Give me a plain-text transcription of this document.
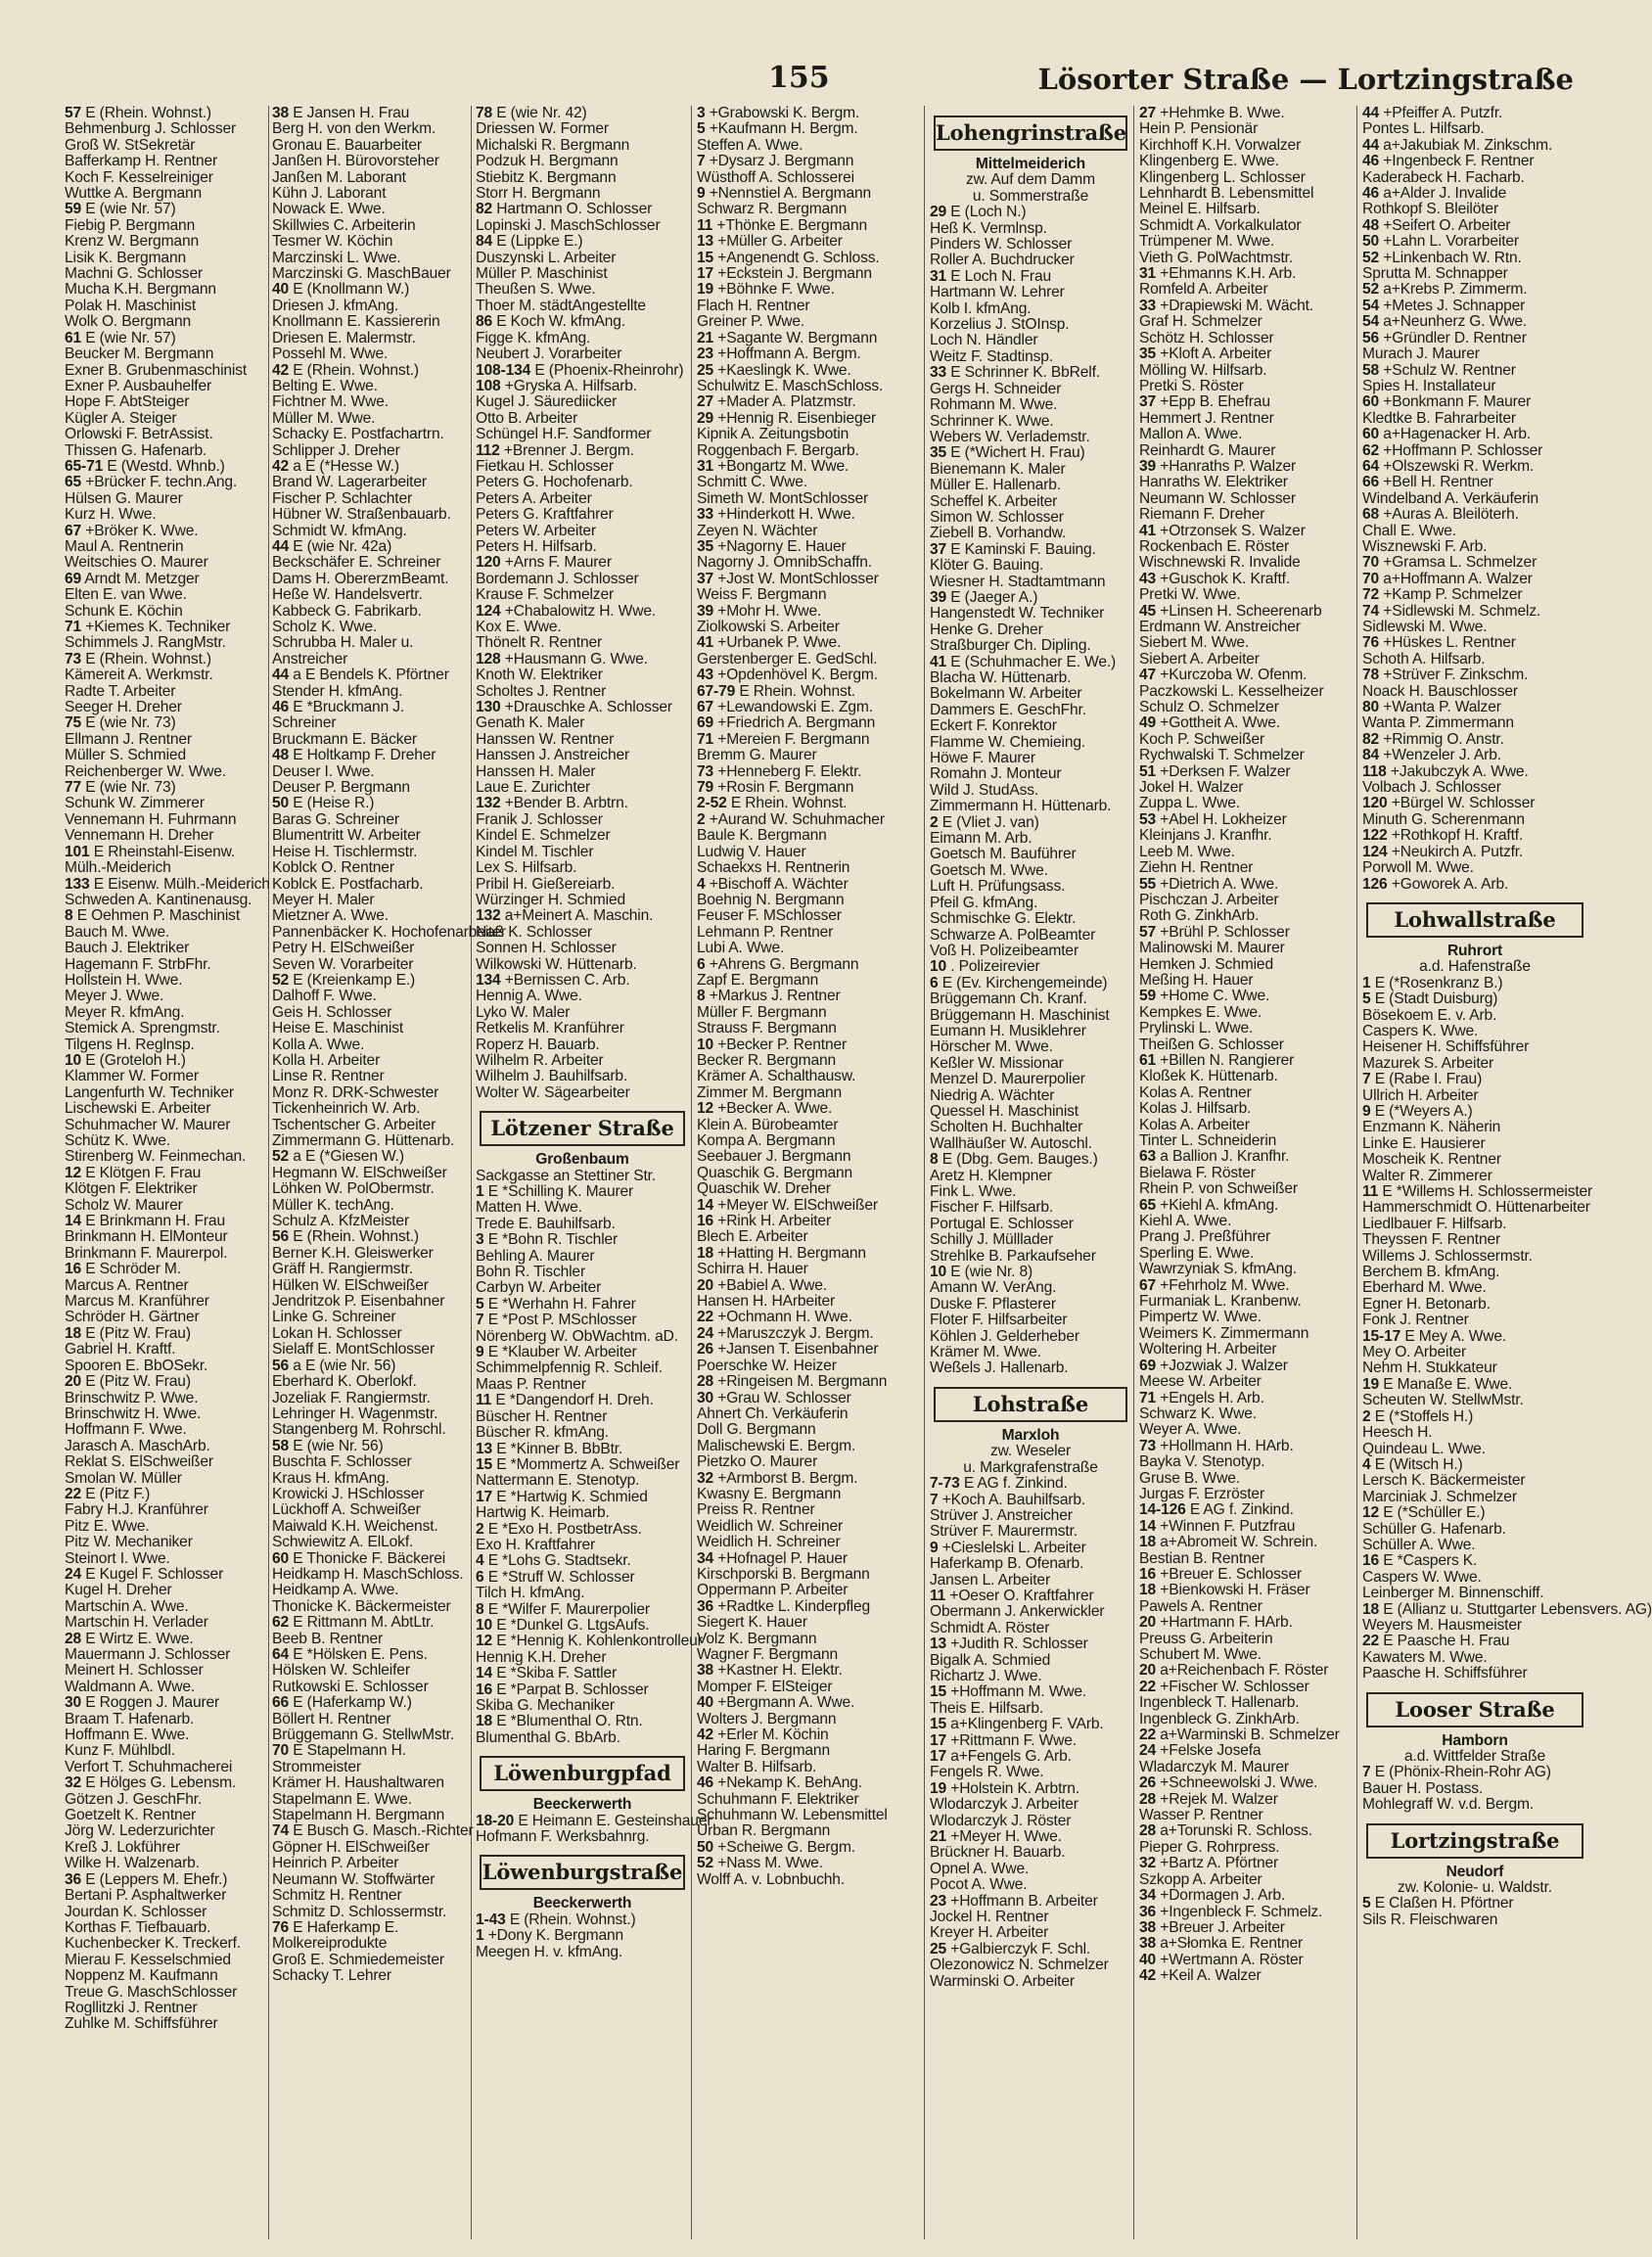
155	Lösorter Straße — Lortzingstraße
57 E (Rhein. Wohnst.)
Behmenburg J. Schlosser
Groß W. StSekretär
Bafferkamp H. Rentner
Koch F. Kesselreiniger
Wuttke A. Bergmann
59 E (wie Nr. 57)
Fiebig P. Bergmann
Krenz W. Bergmann
Lisik K. Bergmann
Machni G. Schlosser
Mucha K.H. Bergmann
Polak H. Maschinist
Wolk O. Bergmann
61 E (wie Nr. 57)
Beucker M. Bergmann
Exner B. Grubenmaschinist
Exner P. Ausbauhelfer
Hope F. AbtSteiger
Kügler A. Steiger
Orlowski F. BetrAssist.
Thissen G. Hafenarb.
65-71 E (Westd. Whnb.)
65 +Brücker F. techn.Ang.
Hülsen G. Maurer
Kurz H. Wwe.
67 +Bröker K. Wwe.
Maul A. Rentnerin
Weitschies O. Maurer
69 Arndt M. Metzger
Elten E. van Wwe.
Schunk E. Köchin
71 +Kiemes K. Techniker
Schimmels J. RangMstr.
73 E (Rhein. Wohnst.)
Kämereit A. Werkmstr.
Radte T. Arbeiter
Seeger H. Dreher
75 E (wie Nr. 73)
Ellmann J. Rentner
Müller S. Schmied
Reichenberger W. Wwe.
77 E (wie Nr. 73)
Schunk W. Zimmerer
Vennemann H. Fuhrmann
Vennemann H. Dreher
101 E Rheinstahl-Eisenw.
Mülh.-Meiderich
133 E Eisenw. Mülh.-Meiderich
Schweden A. Kantinenausg.
8 E Oehmen P. Maschinist
Bauch M. Wwe.
Bauch J. Elektriker
Hagemann F. StrbFhr.
Hollstein H. Wwe.
Meyer J. Wwe.
Meyer R. kfmAng.
Stemick A. Sprengmstr.
Tilgens H. Reglnsp.
10 E (Groteloh H.)
Klammer W. Former
Langenfurth W. Techniker
Lischewski E. Arbeiter
Schuhmacher W. Maurer
Schütz K. Wwe.
Stirenberg W. Feinmechan.
12 E Klötgen F. Frau
Klötgen F. Elektriker
Scholz W. Maurer
14 E Brinkmann H. Frau
Brinkmann H. ElMonteur
Brinkmann F. Maurerpol.
16 E Schröder M.
Marcus A. Rentner
Marcus M. Kranführer
Schröder H. Gärtner
18 E (Pitz W. Frau)
Gabriel H. Kraftf.
Spooren E. BbOSekr.
20 E (Pitz W. Frau)
Brinschwitz P. Wwe.
Brinschwitz H. Wwe.
Hoffmann F. Wwe.
Jarasch A. MaschArb.
Reklat S. ElSchweißer
Smolan W. Müller
22 E (Pitz F.)
Fabry H.J. Kranführer
Pitz E. Wwe.
Pitz W. Mechaniker
Steinort I. Wwe.
24 E Kugel F. Schlosser
Kugel H. Dreher
Martschin A. Wwe.
Martschin H. Verlader
28 E Wirtz E. Wwe.
Mauermann J. Schlosser
Meinert H. Schlosser
Waldmann A. Wwe.
30 E Roggen J. Maurer
Braam T. Hafenarb.
Hoffmann E. Wwe.
Kunz F. Mühlbdl.
Verfort T. Schuhmacherei
32 E Hölges G. Lebensm.
Götzen J. GeschFhr.
Goetzelt K. Rentner
Jörg W. Lederzurichter
Kreß J. Lokführer
Wilke H. Walzenarb.
36 E (Leppers M. Ehefr.)
Bertani P. Asphaltwerker
Jourdan K. Schlosser
Korthas F. Tiefbauarb.
Kuchenbecker K. Treckerf.
Mierau F. Kesselschmied
Noppenz M. Kaufmann
Treue G. MaschSchlosser
Rogllitzki J. Rentner
Zuhlke M. Schiffsführer
38 E Jansen H. Frau
Berg H. von den Werkm.
Gronau E. Bauarbeiter
Janßen H. Bürovorsteher
Janßen M. Laborant
Kühn J. Laborant
Nowack E. Wwe.
Skillwies C. Arbeiterin
Tesmer W. Köchin
Marczinski L. Wwe.
Marczinski G. MaschBauer
40 E (Knollmann W.)
Driesen J. kfmAng.
Knollmann E. Kassiererin
Driesen E. Malermstr.
Possehl M. Wwe.
42 E (Rhein. Wohnst.)
Belting E. Wwe.
Fichtner M. Wwe.
Müller M. Wwe.
Schacky E. Postfachartrn.
Schlipper J. Dreher
42 a E (*Hesse W.)
Brand W. Lagerarbeiter
Fischer P. Schlachter
Hübner W. Straßenbauarb.
Schmidt W. kfmAng.
44 E (wie Nr. 42a)
Beckschäfer E. Schreiner
Dams H. ObererzmBeamt.
Heße W. Handelsvertr.
Kabbeck G. Fabrikarb.
Scholz K. Wwe.
Schrubba H. Maler u.
Anstreicher
44 a E Bendels K. Pförtner
Stender H. kfmAng.
46 E *Bruckmann J.
Schreiner
Bruckmann E. Bäcker
48 E Holtkamp F. Dreher
Deuser I. Wwe.
Deuser P. Bergmann
50 E (Heise R.)
Baras G. Schreiner
Blumentritt W. Arbeiter
Heise H. Tischlermstr.
Koblck O. Rentner
Koblck E. Postfacharb.
Meyer H. Maler
Mietzner A. Wwe.
Pannenbäcker K. Hochofenarbeiter
Petry H. ElSchweißer
Seven W. Vorarbeiter
52 E (Kreienkamp E.)
Dalhoff F. Wwe.
Geis H. Schlosser
Heise E. Maschinist
Kolla A. Wwe.
Kolla H. Arbeiter
Linse R. Rentner
Monz R. DRK-Schwester
Tickenheinrich W. Arb.
Tschentscher G. Arbeiter
Zimmermann G. Hüttenarb.
52 a E (*Giesen W.)
Hegmann W. ElSchweißer
Löhken W. PolObermstr.
Müller K. techAng.
Schulz A. KfzMeister
56 E (Rhein. Wohnst.)
Berner K.H. Gleiswerker
Gräff H. Rangiermstr.
Hülken W. ElSchweißer
Jendritzok P. Eisenbahner
Linke G. Schreiner
Lokan H. Schlosser
Sielaff E. MontSchlosser
56 a E (wie Nr. 56)
Eberhard K. Oberlokf.
Jozeliak F. Rangiermstr.
Lehringer H. Wagenmstr.
Stangenberg M. Rohrschl.
58 E (wie Nr. 56)
Buschta F. Schlosser
Kraus H. kfmAng.
Krowicki J. HSchlosser
Lückhoff A. Schweißer
Maiwald K.H. Weichenst.
Schwiewitz A. ElLokf.
60 E Thonicke F. Bäckerei
Heidkamp H. MaschSchloss.
Heidkamp A. Wwe.
Thonicke K. Bäckermeister
62 E Rittmann M. AbtLtr.
Beeb B. Rentner
64 E *Hölsken E. Pens.
Hölsken W. Schleifer
Rutkowski E. Schlosser
66 E (Haferkamp W.)
Böllert H. Rentner
Brüggemann G. StellwMstr.
70 E Stapelmann H.
Strommeister
Krämer H. Haushaltwaren
Stapelmann E. Wwe.
Stapelmann H. Bergmann
74 E Busch G. Masch.-Richter
Göpner H. ElSchweißer
Heinrich P. Arbeiter
Neumann W. Stoffwärter
Schmitz H. Rentner
Schmitz D. Schlossermstr.
76 E Haferkamp E.
Molkereiprodukte
Groß E. Schmiedemeister
Schacky T. Lehrer
78 E (wie Nr. 42)
Driessen W. Former
Michalski R. Bergmann
Podzuk H. Bergmann
Stiebitz K. Bergmann
Storr H. Bergmann
82 Hartmann O. Schlosser
Lopinski J. MaschSchlosser
84 E (Lippke E.)
Duszynski L. Arbeiter
Müller P. Maschinist
Theußen S. Wwe.
Thoer M. städtAngestellte
86 E Koch W. kfmAng.
Figge K. kfmAng.
Neubert J. Vorarbeiter
108-134 E (Phoenix-Rheinrohr)
108 +Gryska A. Hilfsarb.
Kugel J. Säurediicker
Otto B. Arbeiter
Schüngel H.F. Sandformer
112 +Brenner J. Bergm.
Fietkau H. Schlosser
Peters G. Hochofenarb.
Peters A. Arbeiter
Peters G. Kraftfahrer
Peters W. Arbeiter
Peters H. Hilfsarb.
120 +Arns F. Maurer
Bordemann J. Schlosser
Krause F. Schmelzer
124 +Chabalowitz H. Wwe.
Kox E. Wwe.
Thönelt R. Rentner
128 +Hausmann G. Wwe.
Knoth W. Elektriker
Scholtes J. Rentner
130 +Drauschke A. Schlosser
Genath K. Maler
Hanssen W. Rentner
Hanssen J. Anstreicher
Hanssen H. Maler
Laue E. Zurichter
132 +Bender B. Arbtrn.
Franik J. Schlosser
Kindel E. Schmelzer
Kindel M. Tischler
Lex S. Hilfsarb.
Pribil H. Gießereiarb.
Würzinger H. Schmied
132 a+Meinert A. Maschin.
Naß K. Schlosser
Sonnen H. Schlosser
Wilkowski W. Hüttenarb.
134 +Bernissen C. Arb.
Hennig A. Wwe.
Lyko W. Maler
Retkelis M. Kranführer
Roperz H. Bauarb.
Wilhelm R. Arbeiter
Wilhelm J. Bauhilfsarb.
Wolter W. Sägearbeiter
Lötzener Straße
Großenbaum
Sackgasse an Stettiner Str.
1 E *Schilling K. Maurer
Matten H. Wwe.
Trede E. Bauhilfsarb.
3 E *Bohn R. Tischler
Behling A. Maurer
Bohn R. Tischler
Carbyn W. Arbeiter
5 E *Werhahn H. Fahrer
7 E *Post P. MSchlosser
Nörenberg W. ObWachtm. aD.
9 E *Klauber W. Arbeiter
Schimmelpfennig R. Schleif.
Maas P. Rentner
11 E *Dangendorf H. Dreh.
Büscher H. Rentner
Büscher R. kfmAng.
13 E *Kinner B. BbBtr.
15 E *Mommertz A. Schweißer
Nattermann E. Stenotyp.
17 E *Hartwig K. Schmied
Hartwig K. Heimarb.
2 E *Exo H. PostbetrAss.
Exo H. Kraftfahrer
4 E *Lohs G. Stadtsekr.
6 E *Struff W. Schlosser
Tilch H. kfmAng.
8 E *Wilfer F. Maurerpolier
10 E *Dunkel G. LtgsAufs.
12 E *Hennig K. Kohlenkontrolleur
Hennig K.H. Dreher
14 E *Skiba F. Sattler
16 E *Parpat B. Schlosser
Skiba G. Mechaniker
18 E *Blumenthal O. Rtn.
Blumenthal G. BbArb.
Löwenburgpfad
Beeckerwerth
18-20 E Heimann E. Gesteinshauer
Hofmann F. Werksbahnrg.
Löwenburgstraße
Beeckerwerth
1-43 E (Rhein. Wohnst.)
1 +Dony K. Bergmann
Meegen H. v. kfmAng.
3 +Grabowski K. Bergm.
5 +Kaufmann H. Bergm.
Steffen A. Wwe.
7 +Dysarz J. Bergmann
Wüsthoff A. Schlosserei
9 +Nennstiel A. Bergmann
Schwarz R. Bergmann
11 +Thönke E. Bergmann
13 +Müller G. Arbeiter
15 +Angenendt G. Schloss.
17 +Eckstein J. Bergmann
19 +Böhnke F. Wwe.
Flach H. Rentner
Greiner P. Wwe.
21 +Sagante W. Bergmann
23 +Hoffmann A. Bergm.
25 +Kaeslingk K. Wwe.
Schulwitz E. MaschSchloss.
27 +Mader A. Platzmstr.
29 +Hennig R. Eisenbieger
Kipnik A. Zeitungsbotin
Roggenbach F. Bergarb.
31 +Bongartz M. Wwe.
Schmitt C. Wwe.
Simeth W. MontSchlosser
33 +Hinderkott H. Wwe.
Zeyen N. Wächter
35 +Nagorny E. Hauer
Nagorny J. OmnibSchaffn.
37 +Jost W. MontSchlosser
Weiss F. Bergmann
39 +Mohr H. Wwe.
Ziolkowski S. Arbeiter
41 +Urbanek P. Wwe.
Gerstenberger E. GedSchl.
43 +Opdenhövel K. Bergm.
67-79 E Rhein. Wohnst.
67 +Lewandowski E. Zgm.
69 +Friedrich A. Bergmann
71 +Mereien F. Bergmann
Bremm G. Maurer
73 +Henneberg F. Elektr.
79 +Rosin F. Bergmann
2-52 E Rhein. Wohnst.
2 +Aurand W. Schuhmacher
Baule K. Bergmann
Ludwig V. Hauer
Schaekxs H. Rentnerin
4 +Bischoff A. Wächter
Boehnig N. Bergmann
Feuser F. MSchlosser
Lehmann P. Rentner
Lubi A. Wwe.
6 +Ahrens G. Bergmann
Zapf E. Bergmann
8 +Markus J. Rentner
Müller F. Bergmann
Strauss F. Bergmann
10 +Becker P. Rentner
Becker R. Bergmann
Krämer A. Schalthausw.
Zimmer M. Bergmann
12 +Becker A. Wwe.
Klein A. Bürobeamter
Kompa A. Bergmann
Seebauer J. Bergmann
Quaschik G. Bergmann
Quaschik W. Dreher
14 +Meyer W. ElSchweißer
16 +Rink H. Arbeiter
Blech E. Arbeiter
18 +Hatting H. Bergmann
Schirra H. Hauer
20 +Babiel A. Wwe.
Hansen H. HArbeiter
22 +Ochmann H. Wwe.
24 +Maruszczyk J. Bergm.
26 +Jansen T. Eisenbahner
Poerschke W. Heizer
28 +Ringeisen M. Bergmann
30 +Grau W. Schlosser
Ahnert Ch. Verkäuferin
Doll G. Bergmann
Malischewski E. Bergm.
Pietzko O. Maurer
32 +Armborst B. Bergm.
Kwasny E. Bergmann
Preiss R. Rentner
Weidlich W. Schreiner
Weidlich H. Schreiner
34 +Hofnagel P. Hauer
Kirschporski B. Bergmann
Oppermann P. Arbeiter
36 +Radtke L. Kinderpfleg
Siegert K. Hauer
Volz K. Bergmann
Wagner F. Bergmann
38 +Kastner H. Elektr.
Momper F. ElSteiger
40 +Bergmann A. Wwe.
Wolters J. Bergmann
42 +Erler M. Köchin
Haring F. Bergmann
Walter B. Hilfsarb.
46 +Nekamp K. BehAng.
Schuhmann F. Elektriker
Schuhmann W. Lebensmittel
Urban R. Bergmann
50 +Scheiwe G. Bergm.
52 +Nass M. Wwe.
Wolff A. v. Lobnbuchh.
Lohengrinstraße
Mittelmeiderich
zw. Auf dem Damm
u. Sommerstraße
29 E (Loch N.)
Heß K. Vermlnsp.
Pinders W. Schlosser
Roller A. Buchdrucker
31 E Loch N. Frau
Hartmann W. Lehrer
Kolb I. kfmAng.
Korzelius J. StOInsp.
Loch N. Händler
Weitz F. Stadtinsp.
33 E Schrinner K. BbRelf.
Gergs H. Schneider
Rohmann M. Wwe.
Schrinner K. Wwe.
Webers W. Verlademstr.
35 E (*Wichert H. Frau)
Bienemann K. Maler
Müller E. Hallenarb.
Scheffel K. Arbeiter
Simon W. Schlosser
Ziebell B. Vorhandw.
37 E Kaminski F. Bauing.
Klöter G. Bauing.
Wiesner H. Stadtamtmann
39 E (Jaeger A.)
Hangenstedt W. Techniker
Henke G. Dreher
Straßburger Ch. Dipling.
41 E (Schuhmacher E. We.)
Blacha W. Hüttenarb.
Bokelmann W. Arbeiter
Dammers E. GeschFhr.
Eckert F. Konrektor
Flamme W. Chemieing.
Höwe F. Maurer
Romahn J. Monteur
Wild J. StudAss.
Zimmermann H. Hüttenarb.
2 E (Vliet J. van)
Eimann M. Arb.
Goetsch M. Bauführer
Goetsch M. Wwe.
Luft H. Prüfungsass.
Pfeil G. kfmAng.
Schmischke G. Elektr.
Schwarze A. PolBeamter
Voß H. Polizeibeamter
10 . Polizeirevier
6 E (Ev. Kirchengemeinde)
Brüggemann Ch. Kranf.
Brüggemann H. Maschinist
Eumann H. Musiklehrer
Hörscher M. Wwe.
Keßler W. Missionar
Menzel D. Maurerpolier
Niedrig A. Wächter
Quessel H. Maschinist
Scholten H. Buchhalter
Wallhäußer W. Autoschl.
8 E (Dbg. Gem. Bauges.)
Aretz H. Klempner
Fink L. Wwe.
Fischer F. Hilfsarb.
Portugal E. Schlosser
Schilly J. Mülllader
Strehlke B. Parkaufseher
10 E (wie Nr. 8)
Amann W. VerAng.
Duske F. Pflasterer
Floter F. Hilfsarbeiter
Köhlen J. Gelderheber
Krämer M. Wwe.
Weßels J. Hallenarb.
Lohstraße
Marxloh
zw. Weseler
u. Markgrafenstraße
7-73 E AG f. Zinkind.
7 +Koch A. Bauhilfsarb.
Strüver J. Anstreicher
Strüver F. Maurermstr.
9 +Cieslelski L. Arbeiter
Haferkamp B. Ofenarb.
Jansen L. Arbeiter
11 +Oeser O. Kraftfahrer
Obermann J. Ankerwickler
Schmidt A. Röster
13 +Judith R. Schlosser
Bigalk A. Schmied
Richartz J. Wwe.
15 +Hoffmann M. Wwe.
Theis E. Hilfsarb.
15 a+Klingenberg F. VArb.
17 +Rittmann F. Wwe.
17 a+Fengels G. Arb.
Fengels R. Wwe.
19 +Holstein K. Arbtrn.
Wlodarczyk J. Arbeiter
Wlodarczyk J. Röster
21 +Meyer H. Wwe.
Brückner H. Bauarb.
Opnel A. Wwe.
Pocot A. Wwe.
23 +Hoffmann B. Arbeiter
Jockel H. Rentner
Kreyer H. Arbeiter
25 +Galbierczyk F. Schl.
Olezonowicz N. Schmelzer
Warminski O. Arbeiter
27 +Hehmke B. Wwe.
Hein P. Pensionär
Kirchhoff K.H. Vorwalzer
Klingenberg E. Wwe.
Klingenberg L. Schlosser
Lehnhardt B. Lebensmittel
Meinel E. Hilfsarb.
Schmidt A. Vorkalkulator
Trümpener M. Wwe.
Vieth G. PolWachtmstr.
31 +Ehmanns K.H. Arb.
Romfeld A. Arbeiter
33 +Drapiewski M. Wächt.
Graf H. Schmelzer
Schötz H. Schlosser
35 +Kloft A. Arbeiter
Mölling W. Hilfsarb.
Pretki S. Röster
37 +Epp B. Ehefrau
Hemmert J. Rentner
Mallon A. Wwe.
Reinhardt G. Maurer
39 +Hanraths P. Walzer
Hanraths W. Elektriker
Neumann W. Schlosser
Riemann F. Dreher
41 +Otrzonsek S. Walzer
Rockenbach E. Röster
Wischnewski R. Invalide
43 +Guschok K. Kraftf.
Pretki W. Wwe.
45 +Linsen H. Scheerenarb
Erdmann W. Anstreicher
Siebert M. Wwe.
Siebert A. Arbeiter
47 +Kurczoba W. Ofenm.
Paczkowski L. Kesselheizer
Schulz O. Schmelzer
49 +Gottheit A. Wwe.
Koch P. Schweißer
Rychwalski T. Schmelzer
51 +Derksen F. Walzer
Jokel H. Walzer
Zuppa L. Wwe.
53 +Abel H. Lokheizer
Kleinjans J. Kranfhr.
Leeb M. Wwe.
Ziehn H. Rentner
55 +Dietrich A. Wwe.
Pischczan J. Arbeiter
Roth G. ZinkhArb.
57 +Brühl P. Schlosser
Malinowski M. Maurer
Hemken J. Schmied
Meßing H. Hauer
59 +Home C. Wwe.
Kempkes E. Wwe.
Prylinski L. Wwe.
Theißen G. Schlosser
61 +Billen N. Rangierer
Kloßek K. Hüttenarb.
Kolas A. Rentner
Kolas J. Hilfsarb.
Kolas A. Arbeiter
Tinter L. Schneiderin
63 a Ballion J. Kranfhr.
Bielawa F. Röster
Rhein P. von Schweißer
65 +Kiehl A. kfmAng.
Kiehl A. Wwe.
Prang J. Preßführer
Sperling E. Wwe.
Wawrzyniak S. kfmAng.
67 +Fehrholz M. Wwe.
Furmaniak L. Kranbenw.
Pimpertz W. Wwe.
Weimers K. Zimmermann
Woltering H. Arbeiter
69 +Jozwiak J. Walzer
Meese W. Arbeiter
71 +Engels H. Arb.
Schwarz K. Wwe.
Weyer A. Wwe.
73 +Hollmann H. HArb.
Bayka V. Stenotyp.
Gruse B. Wwe.
Jurgas F. Erzröster
14-126 E AG f. Zinkind.
14 +Winnen F. Putzfrau
18 a+Abromeit W. Schrein.
Bestian B. Rentner
16 +Breuer E. Schlosser
18 +Bienkowski H. Fräser
Pawels A. Rentner
20 +Hartmann F. HArb.
Preuss G. Arbeiterin
Schubert M. Wwe.
20 a+Reichenbach F. Röster
22 +Fischer W. Schlosser
Ingenbleck T. Hallenarb.
Ingenbleck G. ZinkhArb.
22 a+Warminski B. Schmelzer
24 +Felske Josefa
Wladarczyk M. Maurer
26 +Schneewolski J. Wwe.
28 +Rejek M. Walzer
Wasser P. Rentner
28 a+Torunski R. Schloss.
Pieper G. Rohrpress.
32 +Bartz A. Pförtner
Szkopp A. Arbeiter
34 +Dormagen J. Arb.
36 +Ingenbleck F. Schmelz.
38 +Breuer J. Arbeiter
38 a+Słomka E. Rentner
40 +Wertmann A. Röster
42 +Keil A. Walzer
44 +Pfeiffer A. Putzfr.
Pontes L. Hilfsarb.
44 a+Jakubiak M. Zinkschm.
46 +Ingenbeck F. Rentner
Kaderabeck H. Facharb.
46 a+Alder J. Invalide
Rothkopf S. Bleilöter
48 +Seifert O. Arbeiter
50 +Lahn L. Vorarbeiter
52 +Linkenbach W. Rtn.
Sprutta M. Schnapper
52 a+Krebs P. Zimmerm.
54 +Metes J. Schnapper
54 a+Neunherz G. Wwe.
56 +Gründler D. Rentner
Murach J. Maurer
58 +Schulz W. Rentner
Spies H. Installateur
60 +Bonkmann F. Maurer
Kledtke B. Fahrarbeiter
60 a+Hagenacker H. Arb.
62 +Hoffmann P. Schlosser
64 +Olszewski R. Werkm.
66 +Bell H. Rentner
Windelband A. Verkäuferin
68 +Auras A. Bleilöterh.
Chall E. Wwe.
Wisznewski F. Arb.
70 +Gramsa L. Schmelzer
70 a+Hoffmann A. Walzer
72 +Kamp P. Schmelzer
74 +Sidlewski M. Schmelz.
Sidlewski M. Wwe.
76 +Hüskes L. Rentner
Schoth A. Hilfsarb.
78 +Strüver F. Zinkschm.
Noack H. Bauschlosser
80 +Wanta P. Walzer
Wanta P. Zimmermann
82 +Rimmig O. Anstr.
84 +Wenzeler J. Arb.
118 +Jakubczyk A. Wwe.
Volbach J. Schlosser
120 +Bürgel W. Schlosser
Minuth G. Scherenmann
122 +Rothkopf H. Kraftf.
124 +Neukirch A. Putzfr.
Porwoll M. Wwe.
126 +Goworek A. Arb.
Lohwallstraße
Ruhrort
a.d. Hafenstraße
1 E (*Rosenkranz B.)
5 E (Stadt Duisburg)
Bösekoem E. v. Arb.
Caspers K. Wwe.
Heisener H. Schiffsführer
Mazurek S. Arbeiter
7 E (Rabe I. Frau)
Ullrich H. Arbeiter
9 E (*Weyers A.)
Enzmann K. Näherin
Linke E. Hausierer
Moscheik K. Rentner
Walter R. Zimmerer
11 E *Willems H. Schlossermeister
Hammerschmidt O. Hüttenarbeiter
Liedlbauer F. Hilfsarb.
Theyssen F. Rentner
Willems J. Schlossermstr.
Berchem B. kfmAng.
Eberhard M. Wwe.
Egner H. Betonarb.
Fonk J. Rentner
15-17 E Mey A. Wwe.
Mey O. Arbeiter
Nehm H. Stukkateur
19 E Manaße E. Wwe.
Scheuten W. StellwMstr.
2 E (*Stoffels H.)
Heesch H.
Quindeau L. Wwe.
4 E (Witsch H.)
Lersch K. Bäckermeister
Marciniak J. Schmelzer
12 E (*Schüller E.)
Schüller G. Hafenarb.
Schüller A. Wwe.
16 E *Caspers K.
Caspers W. Wwe.
Leinberger M. Binnenschiff.
18 E (Allianz u. Stuttgarter Lebensvers. AG)
Weyers M. Hausmeister
22 E Paasche H. Frau
Kawaters M. Wwe.
Paasche H. Schiffsführer
Looser Straße
Hamborn
a.d. Wittfelder Straße
7 E (Phönix-Rhein-Rohr AG)
Bauer H. Postass.
Mohlegraff W. v.d. Bergm.
Lortzingstraße
Neudorf
zw. Kolonie- u. Waldstr.
5 E Claßen H. Pförtner
Sils R. Fleischwaren
